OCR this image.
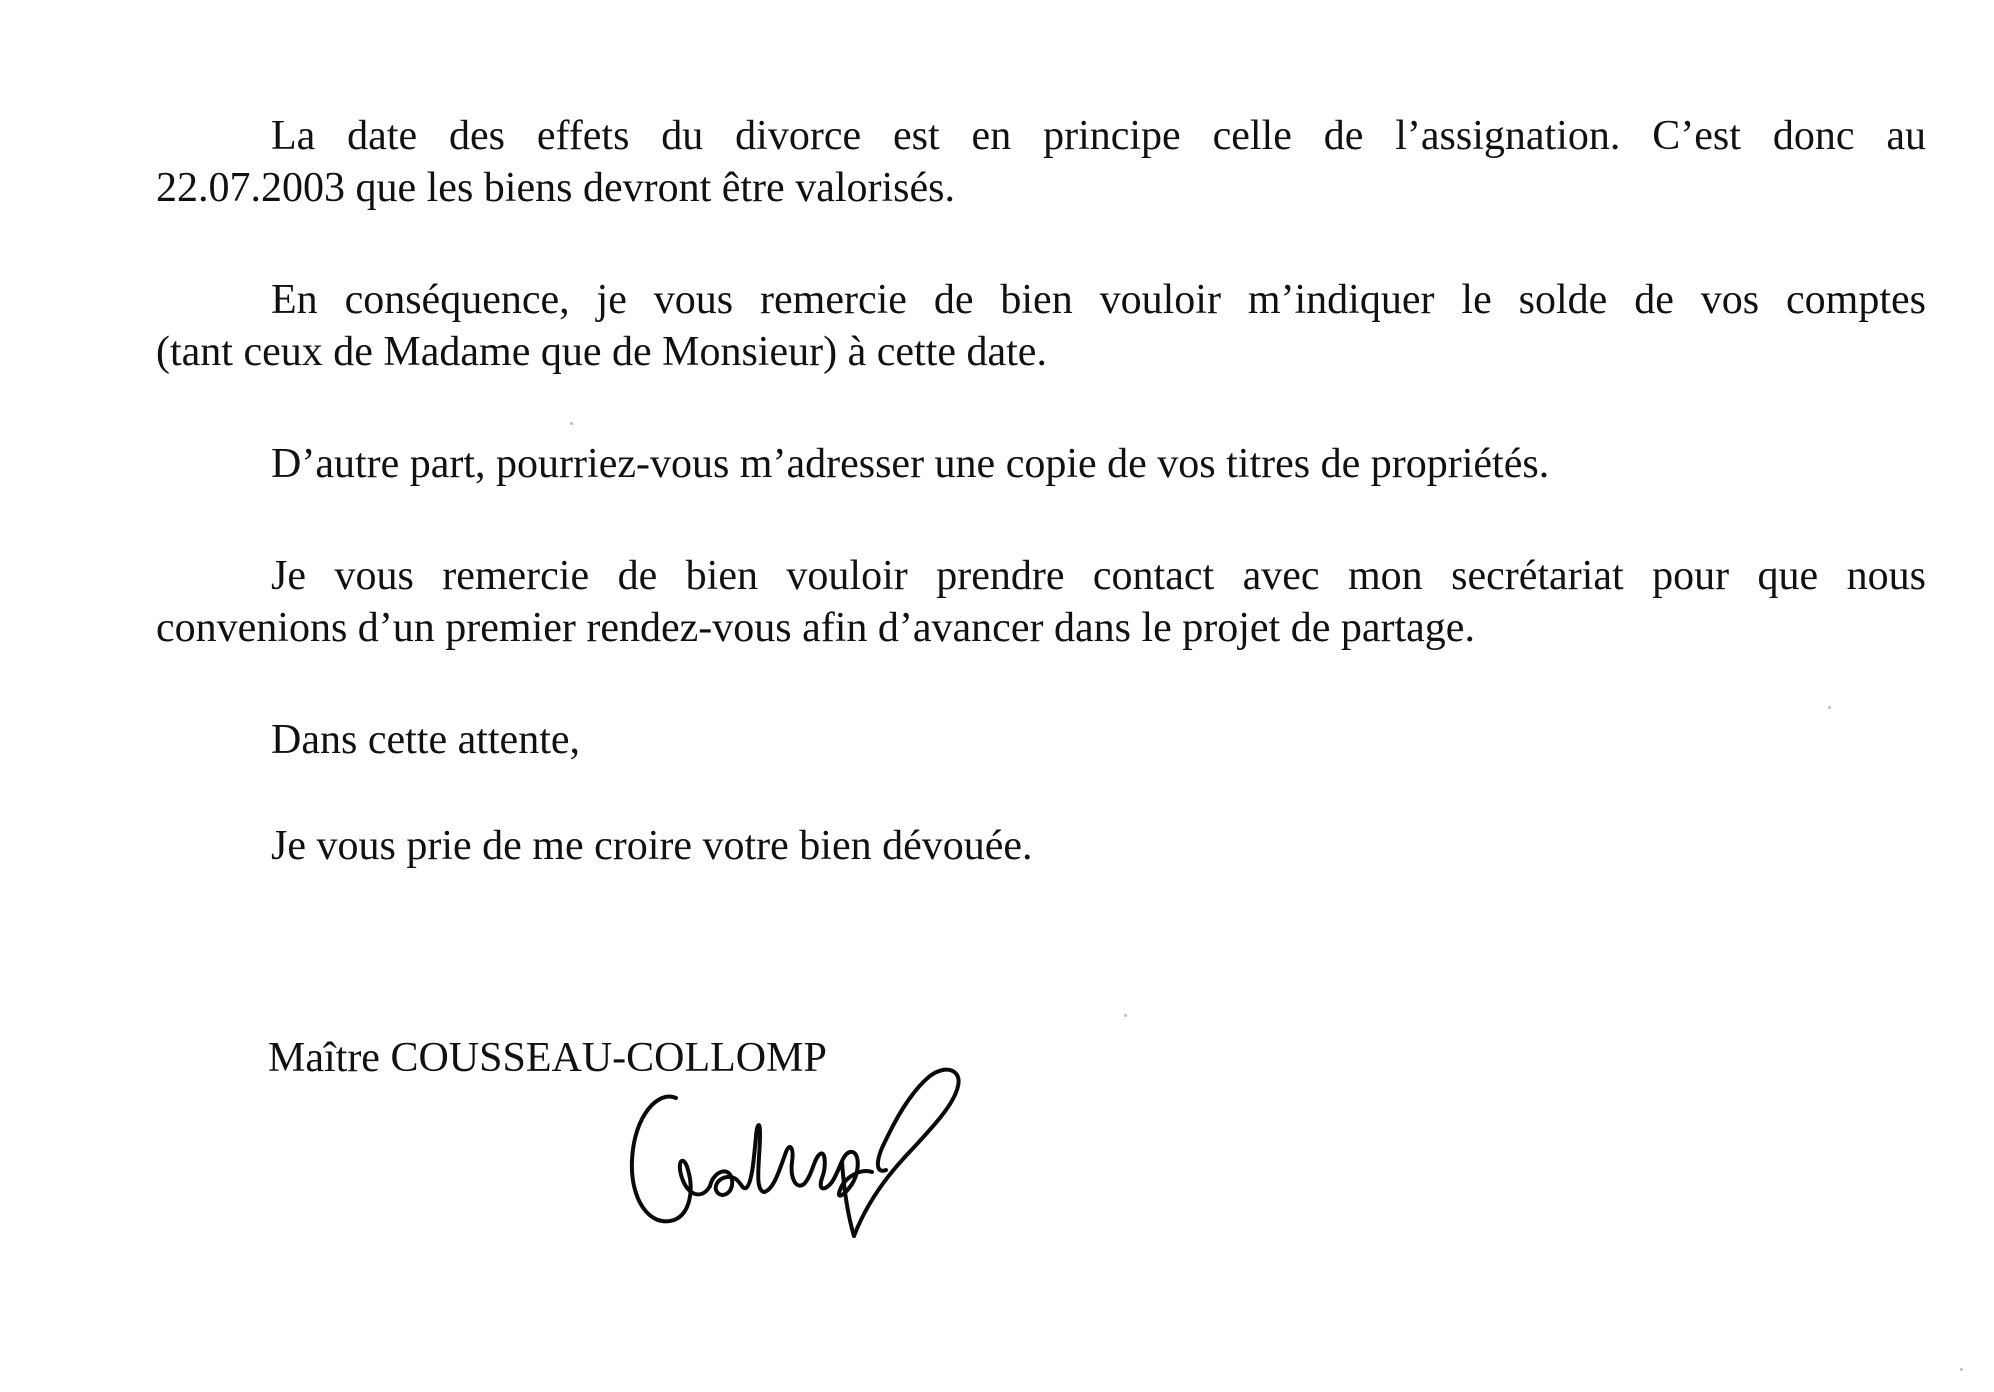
La date des effets du divorce est en principe celle de l’assignation. C’est donc au
22.07.2003 que les biens devront être valorisés.

En conséquence, je vous remercie de bien vouloir m’indiquer le solde de vos comptes
(tant ceux de Madame que de Monsieur) à cette date.

D’autre part, pourriez-vous m’adresser une copie de vos titres de propriétés.

Je vous remercie de bien vouloir prendre contact avec mon secrétariat pour que nous
convenions d’un premier rendez-vous afin d’avancer dans le projet de partage.

Dans cette attente,

Je vous prie de me croire votre bien dévouée.

Maître COUSSEAU-COLLOMP
